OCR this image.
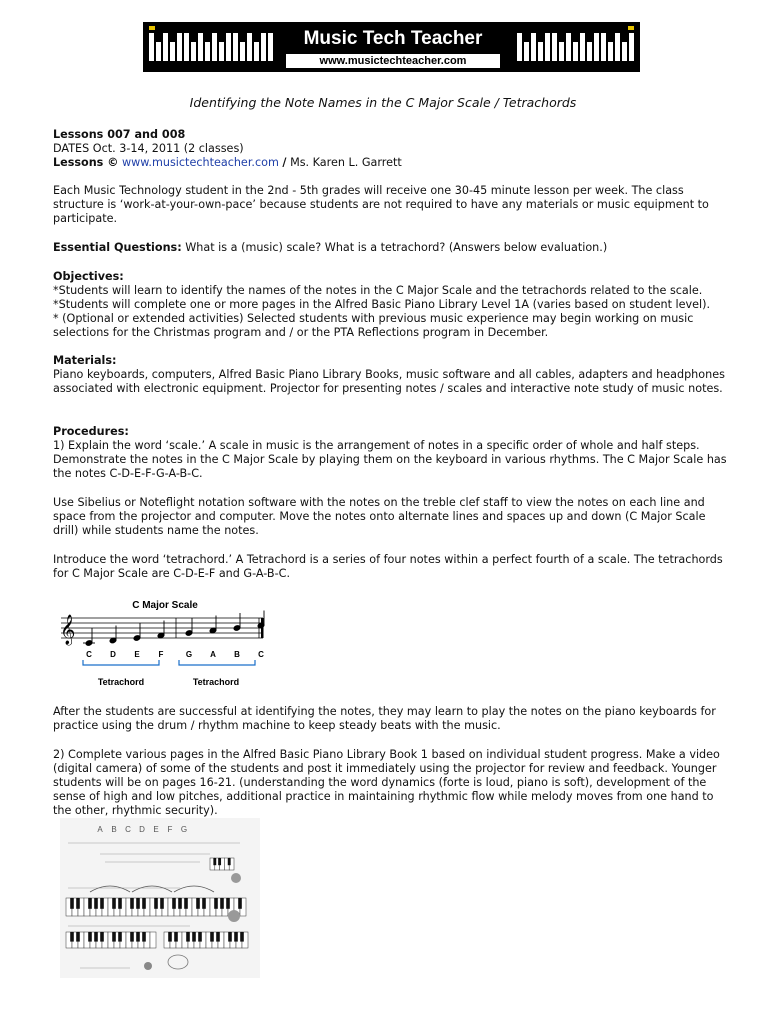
Music Tech Teacher
www.musictechteacher.com
Identifying the Note Names in the C Major Scale / Tetrachords

Lessons 007 and 008

DATES Oct. 3-14, 2011 (2 classes)

Lessons © www.musictechteacher.com / Ms. Karen L. Garrett

Each Music Technology student in the 2nd - 5th grades will receive one 30-45 minute lesson per week. The class structure is ‘work-at-your-own-pace’ because students are not required to have any materials or music equipment to participate.

Essential Questions: What is a (music) scale? What is a tetrachord? (Answers below evaluation.)

Objectives:

*Students will learn to identify the names of the notes in the C Major Scale and the tetrachords related to the scale.

*Students will complete one or more pages in the Alfred Basic Piano Library Level 1A (varies based on student level).

* (Optional or extended activities) Selected students with previous music experience may begin working on music selections for the Christmas program and / or the PTA Reflections program in December.

Materials:

Piano keyboards, computers, Alfred Basic Piano Library Books, music software and all cables, adapters and headphones associated with electronic equipment. Projector for presenting notes / scales and interactive note study of music notes.

Procedures:

1) Explain the word ‘scale.’ A scale in music is the arrangement of notes in a specific order of whole and half steps. Demonstrate the notes in the C Major Scale by playing them on the keyboard in various rhythms. The C Major Scale has the notes C-D-E-F-G-A-B-C.

Use Sibelius or Noteflight notation software with the notes on the treble clef staff to view the notes on each line and space from the projector and computer. Move the notes onto alternate lines and spaces up and down (C Major Scale drill) while students name the notes.

Introduce the word ‘tetrachord.’ A Tetrachord is a series of four notes within a perfect fourth of a scale. The tetrachords for C Major Scale are C-D-E-F and G-A-B-C.

C Major Scale
𝄞
C D E F	G A B C
Tetrachord	Tetrachord

After the students are successful at identifying the notes, they may learn to play the notes on the piano keyboards for practice using the drum / rhythm machine to keep steady beats with the music.

2) Complete various pages in the Alfred Basic Piano Library Book 1 based on individual student progress. Make a video (digital camera) of some of the students and post it immediately using the projector for review and feedback. Younger students will be on pages 16-21. (understanding the word dynamics (forte is loud, piano is soft), development of the sense of high and low pitches, additional practice in maintaining rhythmic flow while melody moves from one hand to the other, rhythmic security).

A B C D E F G
